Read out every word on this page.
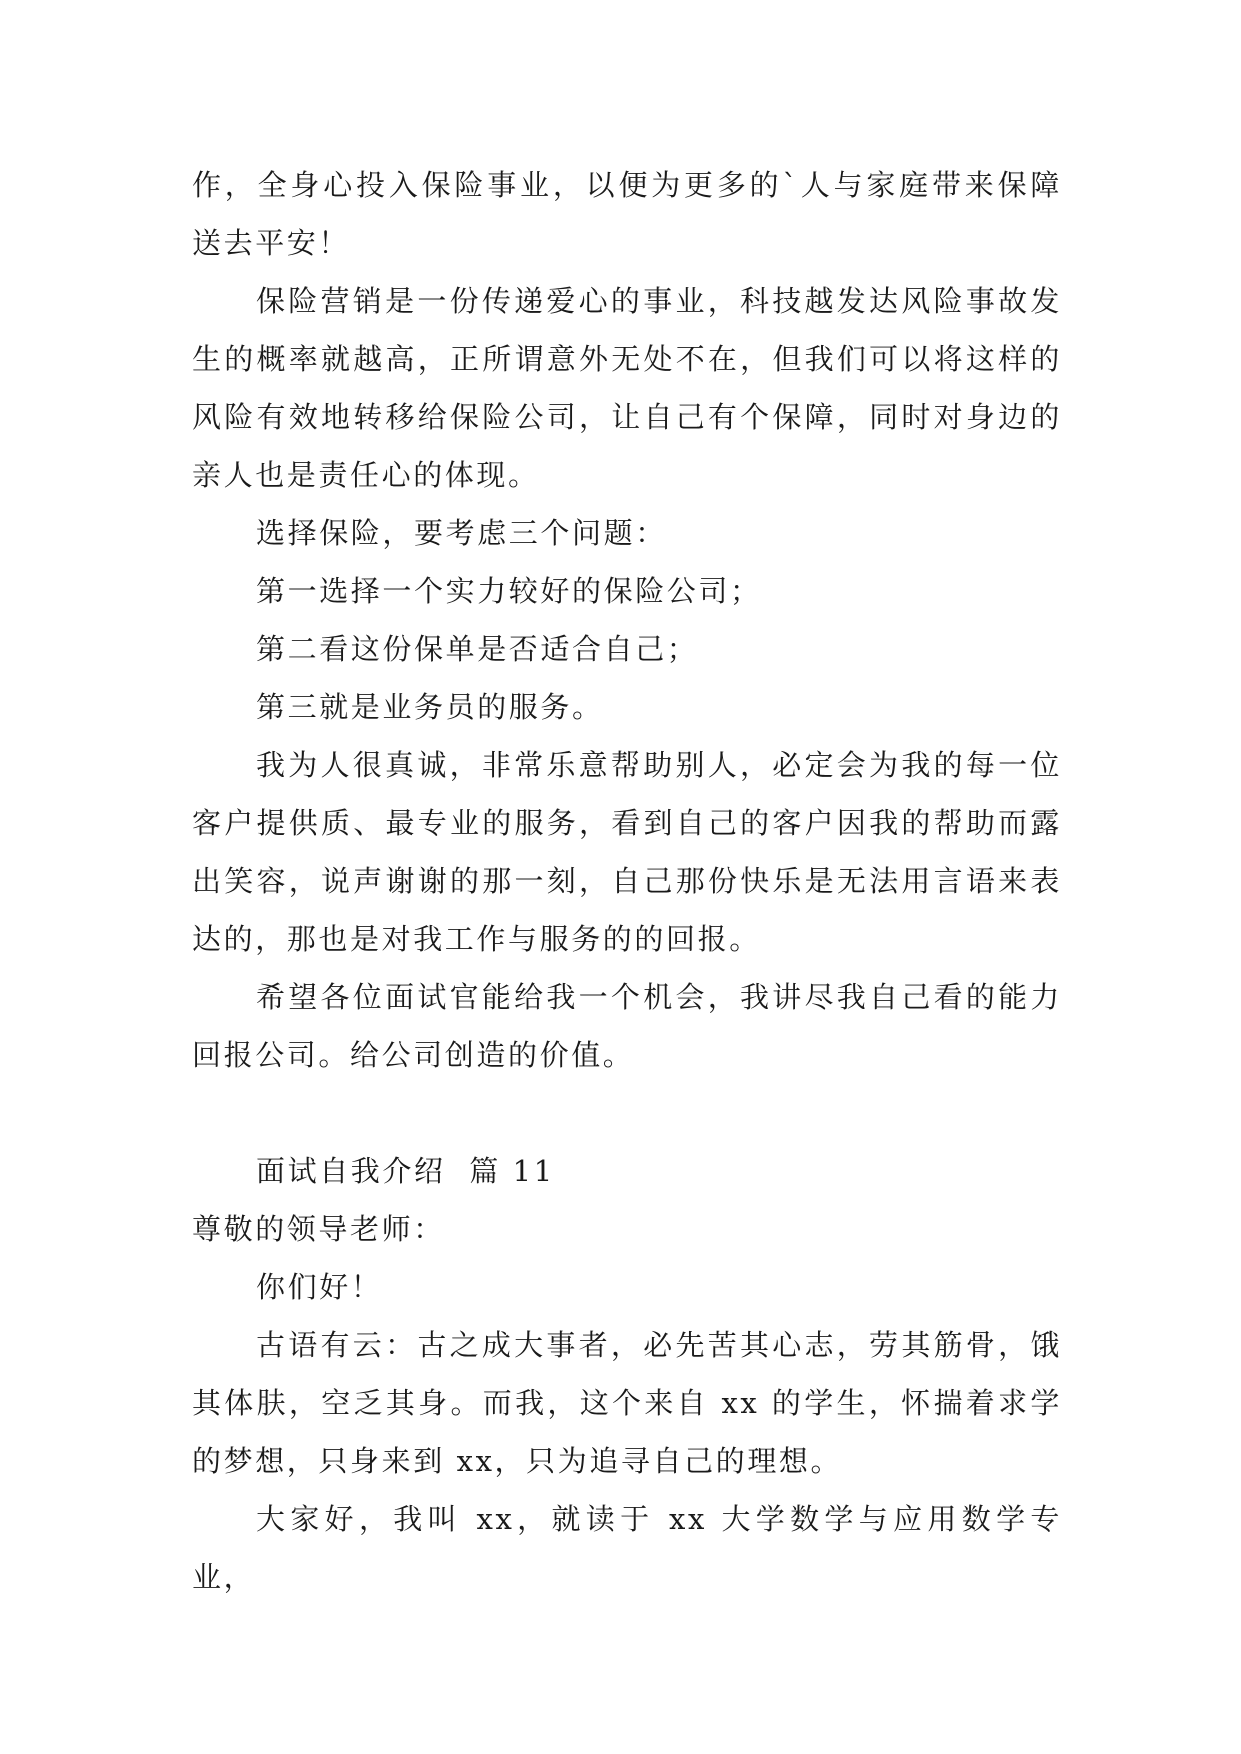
作，全身心投入保险事业，以便为更多的`人与家庭带来保障送去平安！

保险营销是一份传递爱心的事业，科技越发达风险事故发生的概率就越高，正所谓意外无处不在，但我们可以将这样的风险有效地转移给保险公司，让自己有个保障，同时对身边的亲人也是责任心的体现。

选择保险，要考虑三个问题：

第一选择一个实力较好的保险公司；

第二看这份保单是否适合自己；

第三就是业务员的服务。

我为人很真诚，非常乐意帮助别人，必定会为我的每一位客户提供质、最专业的服务，看到自己的客户因我的帮助而露出笑容，说声谢谢的那一刻，自己那份快乐是无法用言语来表达的，那也是对我工作与服务的的回报。

希望各位面试官能给我一个机会，我讲尽我自己看的能力回报公司。给公司创造的价值。

面试自我介绍  篇 11

尊敬的领导老师：

你们好！

古语有云：古之成大事者，必先苦其心志，劳其筋骨，饿其体肤，空乏其身。而我，这个来自 xx 的学生，怀揣着求学的梦想，只身来到 xx，只为追寻自己的理想。

大家好，我叫 xx，就读于 xx 大学数学与应用数学专业，
